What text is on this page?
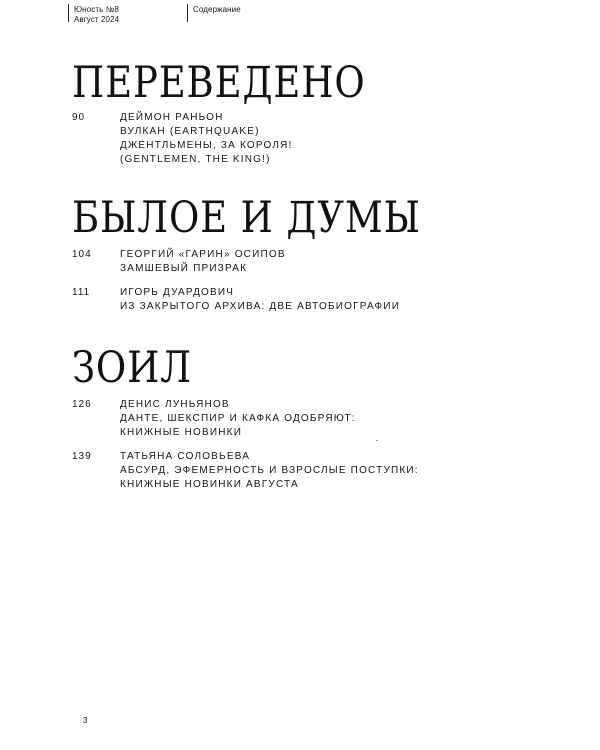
Юность №8
Август 2024
Содержание
ПЕРЕВЕДЕНО
90	ДЕЙМОН РАНЬОН
ВУЛКАН (EARTHQUAKE)
ДЖЕНТЛЬМЕНЫ, ЗА КОРОЛЯ!
(GENTLEMEN, THE KING!)
БЫЛОЕ И ДУМЫ
104	ГЕОРГИЙ «ГАРИН» ОСИПОВ
ЗАМШЕВЫЙ ПРИЗРАК
111	ИГОРЬ ДУАРДОВИЧ
ИЗ ЗАКРЫТОГО АРХИВА: ДВЕ АВТОБИОГРАФИИ
ЗОИЛ
126	ДЕНИС ЛУНЬЯНОВ
ДАНТЕ, ШЕКСПИР И КАФКА ОДОБРЯЮТ:
КНИЖНЫЕ НОВИНКИ
139	ТАТЬЯНА СОЛОВЬЕВА
АБСУРД, ЭФЕМЕРНОСТЬ И ВЗРОСЛЫЕ ПОСТУПКИ:
КНИЖНЫЕ НОВИНКИ АВГУСТА
3
